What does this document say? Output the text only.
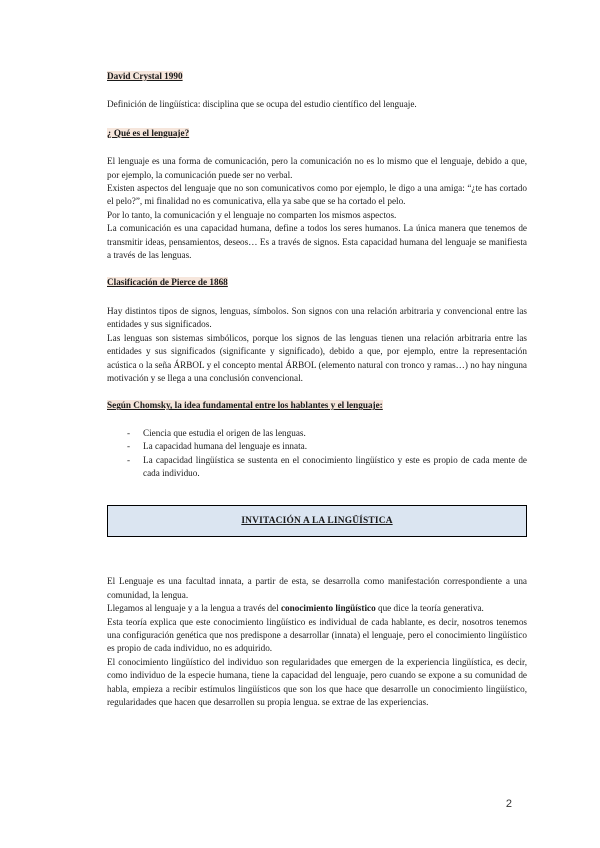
David Crystal 1990

Definición de lingüística: disciplina que se ocupa del estudio científico del lenguaje.

¿ Qué es el lenguaje?

El lenguaje es una forma de comunicación, pero la comunicación no es lo mismo que el lenguaje, debido a que, por ejemplo, la comunicación puede ser no verbal.

Existen aspectos del lenguaje que no son comunicativos como por ejemplo, le digo a una amiga: “¿te has cortado el pelo?”, mi finalidad no es comunicativa, ella ya sabe que se ha cortado el pelo.

Por lo tanto, la comunicación y el lenguaje no comparten los mismos aspectos.

La comunicación es una capacidad humana, define a todos los seres humanos. La única manera que tenemos de transmitir ideas, pensamientos, deseos… Es a través de signos. Esta capacidad humana del lenguaje se manifiesta a través de las lenguas.

Clasificación de Pierce de 1868

Hay distintos tipos de signos, lenguas, símbolos. Son signos con una relación arbitraria y convencional entre las entidades y sus significados.

Las lenguas son sistemas simbólicos, porque los signos de las lenguas tienen una relación arbitraria entre las entidades y sus significados (significante y significado), debido a que, por ejemplo, entre la representación acústica o la seña ÁRBOL y el concepto mental ÁRBOL (elemento natural con tronco y ramas…) no hay ninguna motivación y se llega a una conclusión convencional.

Según Chomsky, la idea fundamental entre los hablantes y el lenguaje:

- Ciencia que estudia el origen de las lenguas.
- La capacidad humana del lenguaje es innata.
- La capacidad lingüística se sustenta en el conocimiento lingüístico y este es propio de cada mente de cada individuo.
INVITACIÓN A LA LINGÜÍSTICA

El Lenguaje es una facultad innata, a partir de esta, se desarrolla como manifestación correspondiente a una comunidad, la lengua.

Llegamos al lenguaje y a la lengua a través del conocimiento lingüístico que dice la teoría generativa.

Esta teoría explica que este conocimiento lingüístico es individual de cada hablante, es decir, nosotros tenemos una configuración genética que nos predispone a desarrollar (innata) el lenguaje, pero el conocimiento lingüístico es propio de cada individuo, no es adquirido.

El conocimiento lingüístico del individuo son regularidades que emergen de la experiencia lingüística, es decir, como individuo de la especie humana, tiene la capacidad del lenguaje, pero cuando se expone a su comunidad de habla, empieza a recibir estímulos lingüísticos que son los que hace que desarrolle un conocimiento lingüístico, regularidades que hacen que desarrollen su propia lengua. se extrae de las experiencias.

2
